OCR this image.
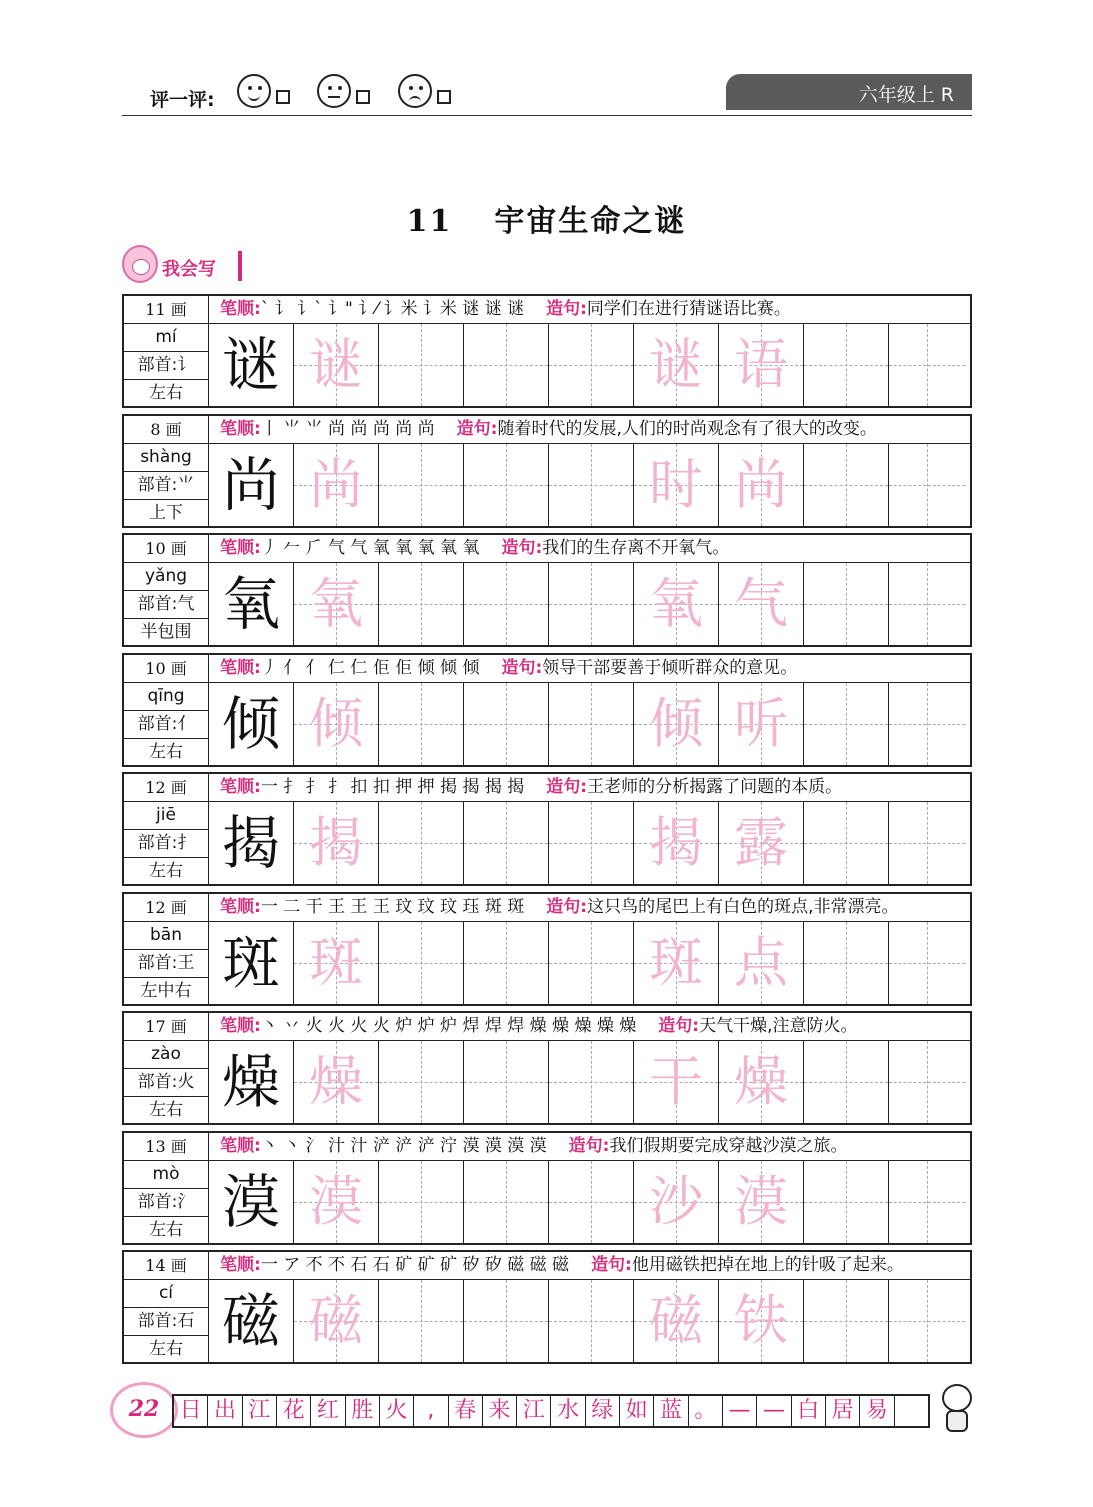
评一评:	六年级上 R
11 宇宙生命之谜
我会写
11 画	笔顺:` 讠 讠` 讠" 讠⁄ 讠米 讠米 谜 谜 谜 造句:同学们在进行猜谜语比赛。
mí
部首:讠
左右 谜 谜	谜 语
8 画	笔顺:丨 ⺌ ⺌ 尚 尚 尚 尚 尚 造句:随着时代的发展,人们的时尚观念有了很大的改变。
shàng
部首:⺌
上下 尚 尚	时 尚
10 画	笔顺:丿 𠂉 ⺁ 气 气 氧 氧 氧 氧 氧 造句:我们的生存离不开氧气。
yǎng
部首:气
半包围 氧 氧	氧 气
10 画	笔顺:丿 亻 亻 仁 仁 佢 佢 倾 倾 倾 造句:领导干部要善于倾听群众的意见。
qīng
部首:亻
左右 倾 倾	倾 听
12 画	笔顺:一 扌 扌 扌 扣 扣 押 押 掲 揭 揭 揭 造句:王老师的分析揭露了问题的本质。
jiē
部首:扌
左右 揭 揭	揭 露
12 画	笔顺:一 二 干 王 王 王 玟 玟 玟 珏 斑 斑 造句:这只鸟的尾巴上有白色的斑点,非常漂亮。
bān
部首:王
左中右 斑 斑	斑 点
17 画	笔顺:丶 丷 火 火 火 火 炉 炉 炉 焊 焊 焊 燥 燥 燥 燥 燥 造句:天气干燥,注意防火。
zào
部首:火
左右 燥 燥	干 燥
13 画	笔顺:丶 丶 氵 汁 汁 浐 浐 浐 泞 漠 漠 漠 漠 造句:我们假期要完成穿越沙漠之旅。
mò
部首:氵
左右 漠 漠	沙 漠
14 画	笔顺:一 ア 不 不 石 石 矿 矿 矿 矽 矽 磁 磁 磁 造句:他用磁铁把掉在地上的针吸了起来。
cí
部首:石
左右 磁 磁	磁 铁
22 日 出 江 花 红 胜 火 , 春 来 江 水 绿 如 蓝 。 — — 白 居 易
